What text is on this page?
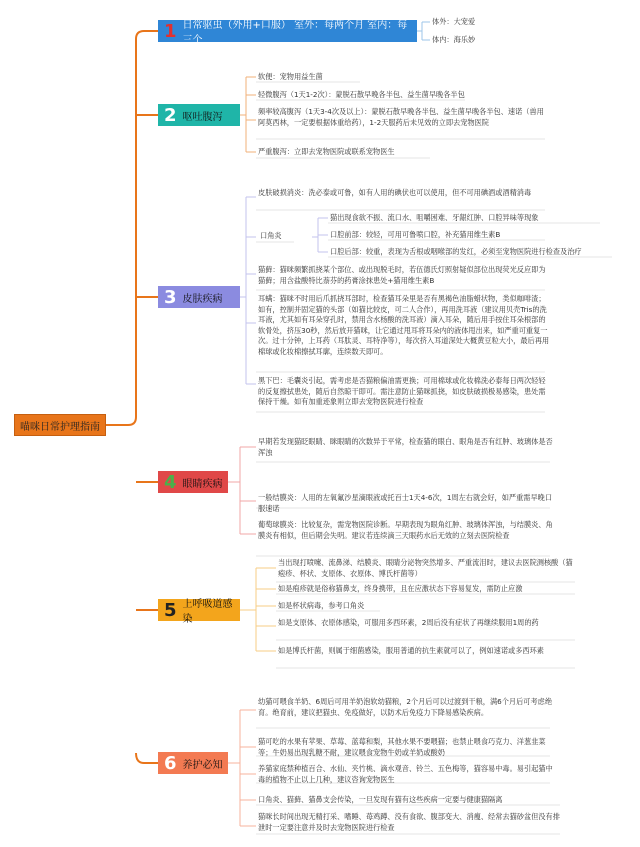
喵咪日常护理指南
1 日常驱虫（外用+口服） 室外：每两个月 室内：每三个
体外：大宠爱
体内：海乐妙
2 呕吐腹泻
软便：宠物用益生菌
轻微腹泻（1天1-2次）：蒙脱石散早晚各半包、益生菌早晚各半包
频率较高腹泻（1天3-4次及以上）：蒙脱石散早晚各半包、益生菌早晚各半包、速诺（兽用阿莫西林，一定要根据体重给药），1-2天服药后未见效的立即去宠物医院
严重腹泻：立即去宠物医院或联系宠物医生
3 皮肤疾病
皮肤破损消炎：洗必泰或可鲁，如有人用的碘伏也可以使用，但不可用碘酒或酒精消毒
口角炎
猫出现食欲不振、流口水、咀嚼困难、牙龈红肿、口腔异味等现象
口腔前部：较轻，可用可鲁喷口腔，补充猫用维生素B
口腔后部：较重，表现为舌根或咽喉部的发红，必须至宠物医院进行检查及治疗
猫藓：猫咪频繁抓挠某个部位、或出现脱毛时，若伍德氏灯照射疑似部位出现荧光反应即为猫藓；用含盐酸特比萘芬的药膏涂抹患处+猫用维生素B
耳螨：猫咪不时用后爪抓挠耳部时，检查猫耳朵里是否有黑褐色油脂蜡状物，类似咖啡渣；如有，控制并固定猫的头部（如猫比较皮，可二人合作），再用洗耳液（建议用贝壳Tris的洗耳液，尤其如有耳朵穿孔时，禁用含水杨酸的洗耳液）滴入耳朵，随后用手按住耳朵根部的软骨处，挤压30秒，然后放开猫咪，让它通过甩耳将耳朵内的液体甩出来，如严重可重复一次。过十分钟，上耳药（耳肽灵、耳特净等），每次挤入耳道深处大概黄豆粒大小，最后再用棉球或化妆棉擦拭耳廓，连续数天即可。
黑下巴：毛囊炎引起，需考虑是否猫粮偏油需更换；可用棉球或化妆棉洗必泰每日两次轻轻的反复擦拭患处，随后自然晾干即可。需注意防止猫咪抓挠，如皮肤破损极易感染，患处需保持干燥。如有加重迹象则立即去宠物医院进行检查
4 眼睛疾病
早期若发现猫眨眼睛、眯眼睛的次数异于平常，检查猫的眼白、眼角是否有红肿、玻璃体是否浑浊
一般结膜炎：人用的左氧氟沙星滴眼液或托百士1天4-6次，1周左右就会好，如严重需早晚口服速诺
葡萄球膜炎：比较复杂，需宠物医院诊断。早期表现为眼角红肿、玻璃体浑浊，与结膜炎、角膜炎有相似，但后期会失明。建议若连续滴三天眼药水后无效的立刻去医院检查
5 上呼吸道感染
当出现打喷嚏、流鼻涕、结膜炎、眼睛分泌物突然增多、严重流泪时，建议去医院测核酸（猫疱疹、杯状、支原体、衣原体、博氏杆菌等）
如是疱疹就是俗称猫鼻支，终身携带，且在应激状态下容易复发，需防止应激
如是杯状病毒，参考口角炎
如是支原体、衣原体感染，可服用多西环素，2周后没有症状了再继续服用1周的药
如是博氏杆菌，则属于细菌感染，服用普通的抗生素就可以了，例如速诺或多西环素
6 养护必知
幼猫可喂食羊奶、6周后可用羊奶泡软幼猫粮，2个月后可以过渡到干粮，满6个月后可考虑绝育。绝育前，建议把猫虫、免疫做好，以防术后免疫力下降易感染疾病。
猫可吃的水果有苹果、草莓、蓝莓和梨，其他水果不要喂猫；也禁止喂食巧克力、洋葱韭菜等；牛奶易出现乳糖不耐，建议喂食宠物牛奶或羊奶或酸奶
养猫家庭禁种植百合、水仙、夹竹桃、滴水观音、铃兰、五色梅等，猫容易中毒。易引起猫中毒的植物不止以上几种，建议咨询宠物医生
口角炎、猫藓、猫鼻支会传染，一旦发现有猫有这些疾病一定要与健康猫隔离
猫咪长时间出现无精打采、嗜睡、苺鸡蹲、没有食欲、腹部变大、消瘦、经常去猫砂盆但没有排泄时一定要注意并及时去宠物医院进行检查
